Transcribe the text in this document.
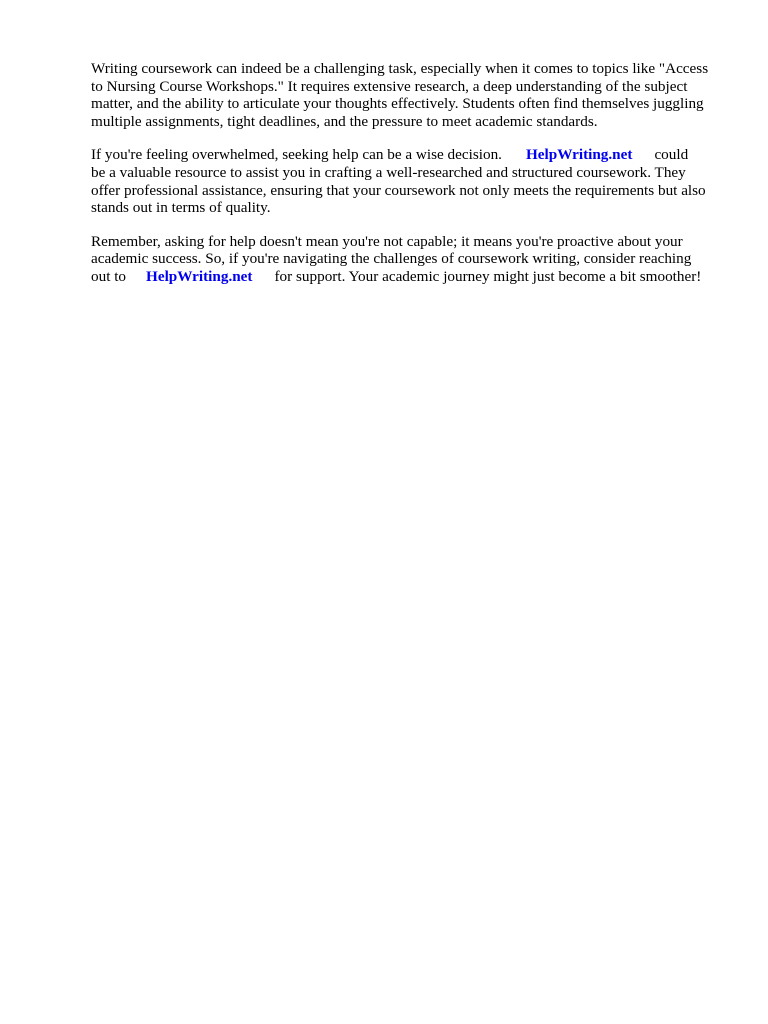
Writing coursework can indeed be a challenging task, especially when it comes to topics like "Access
to Nursing Course Workshops." It requires extensive research, a deep understanding of the subject
matter, and the ability to articulate your thoughts effectively. Students often find themselves juggling
multiple assignments, tight deadlines, and the pressure to meet academic standards.

If you're feeling overwhelmed, seeking help can be a wise decision. HelpWriting.net could
be a valuable resource to assist you in crafting a well-researched and structured coursework. They
offer professional assistance, ensuring that your coursework not only meets the requirements but also
stands out in terms of quality.

Remember, asking for help doesn't mean you're not capable; it means you're proactive about your
academic success. So, if you're navigating the challenges of coursework writing, consider reaching
out to HelpWriting.net for support. Your academic journey might just become a bit smoother!
